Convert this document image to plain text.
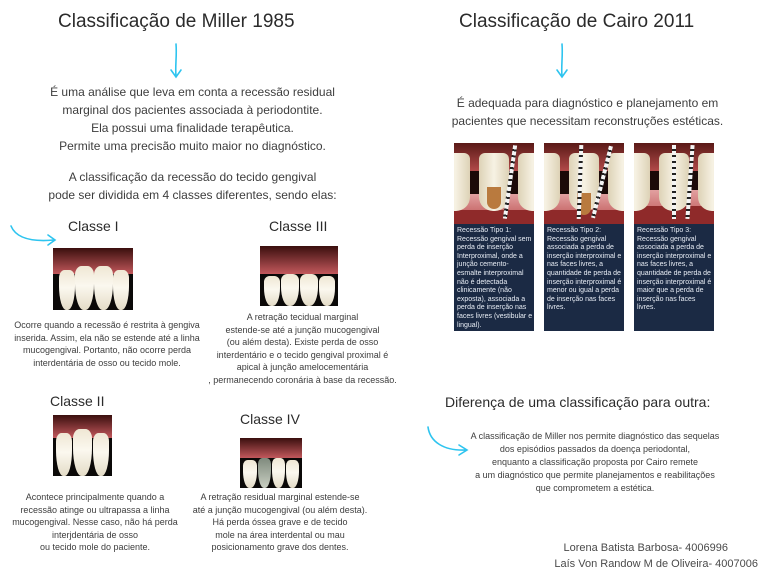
Classificação de Miller 1985
É uma análise que leva em conta a recessão residual
marginal dos pacientes associada à periodontite.
Ela possui uma finalidade terapêutica.
Permite uma precisão muito maior no diagnóstico.
A classificação da recessão do tecido gengival
pode ser dividida em 4 classes diferentes, sendo elas:
Classe I
Ocorre quando a recessão é restrita à gengiva
inserida. Assim, ela não se estende até a linha
mucogengival. Portanto, não ocorre perda
interdentária de osso ou tecido mole.
Classe III
A retração tecidual marginal
estende-se até a junção mucogengival
(ou além desta). Existe perda de osso
interdentário e o tecido gengival proximal é
apical à junção amelocementária
, permanecendo coronária à base da recessão.
Classe II
Acontece principalmente quando a
recessão atinge ou ultrapassa a linha
mucogengival. Nesse caso, não há perda
interjdentária de osso
ou tecido mole do paciente.
Classe IV
A retração residual marginal estende-se
até a junção mucogengival (ou além desta).
Há perda óssea grave e de tecido
mole na área interdental ou mau
posicionamento grave dos dentes.
Classificação de Cairo 2011
É adequada para diagnóstico e planejamento em
pacientes que necessitam reconstruções estéticas.
Recessão Tipo 1: Recessão gengival sem perda de inserção Interproximal, onde a junção cemento-esmalte interproximal não é detectada clinicamente (não exposta), associada a perda de inserção nas faces livres (vestibular e lingual).
Recessão Tipo 2: Recessão gengival associada a perda de inserção interproximal e nas faces livres, a quantidade de perda de inserção interproximal é menor ou igual a perda de inserção nas faces livres.
Recessão Tipo 3: Recessão gengival associada a perda de inserção interproximal e nas faces livres, a quantidade de perda de inserção interproximal é maior que a perda de inserção nas faces livres.
Diferença de uma classificação para outra:
A classificação de Miller nos permite diagnóstico das sequelas
dos episódios passados da doença periodontal,
enquanto a classificação proposta por Cairo remete
a um diagnóstico que permite planejamentos e reabilitações
que comprometem a estética.
Lorena Batista Barbosa- 4006996
Laís Von Randow M de Oliveira- 4007006
